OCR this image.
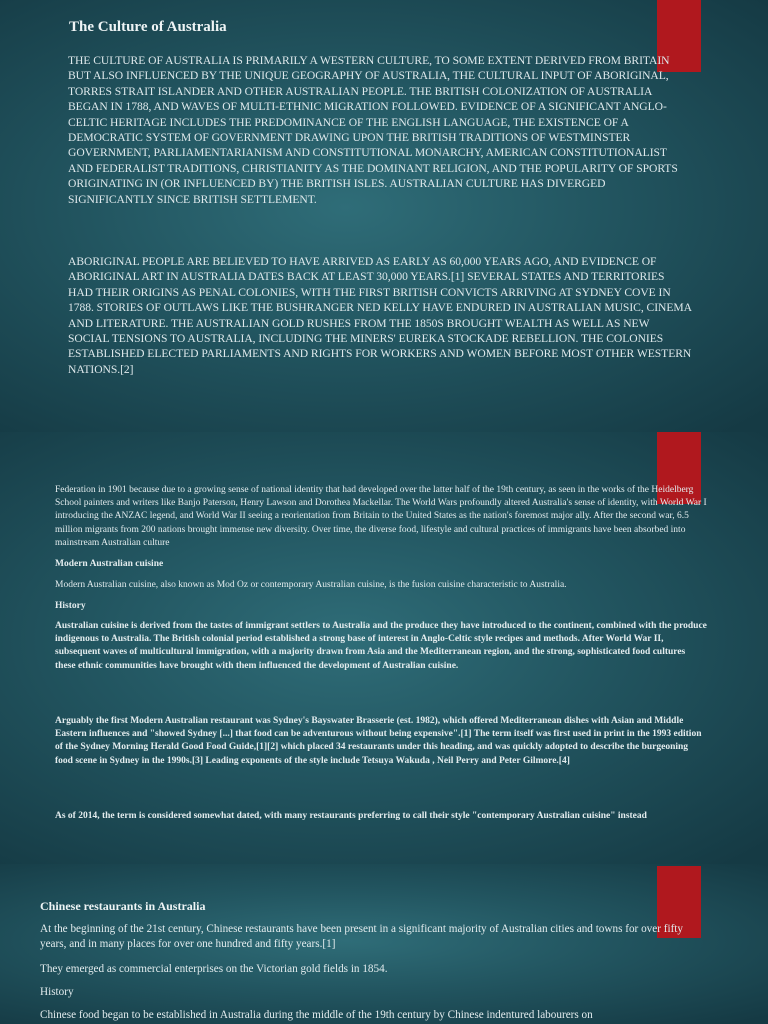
The Culture of Australia

THE CULTURE OF AUSTRALIA IS PRIMARILY A WESTERN CULTURE, TO SOME EXTENT DERIVED FROM BRITAIN BUT ALSO INFLUENCED BY THE UNIQUE GEOGRAPHY OF AUSTRALIA, THE CULTURAL INPUT OF ABORIGINAL, TORRES STRAIT ISLANDER AND OTHER AUSTRALIAN PEOPLE. THE BRITISH COLONIZATION OF AUSTRALIA BEGAN IN 1788, AND WAVES OF MULTI-ETHNIC MIGRATION FOLLOWED. EVIDENCE OF A SIGNIFICANT ANGLO-CELTIC HERITAGE INCLUDES THE PREDOMINANCE OF THE ENGLISH LANGUAGE, THE EXISTENCE OF A DEMOCRATIC SYSTEM OF GOVERNMENT DRAWING UPON THE BRITISH TRADITIONS OF WESTMINSTER GOVERNMENT, PARLIAMENTARIANISM AND CONSTITUTIONAL MONARCHY, AMERICAN CONSTITUTIONALIST AND FEDERALIST TRADITIONS, CHRISTIANITY AS THE DOMINANT RELIGION, AND THE POPULARITY OF SPORTS ORIGINATING IN (OR INFLUENCED BY) THE BRITISH ISLES. AUSTRALIAN CULTURE HAS DIVERGED SIGNIFICANTLY SINCE BRITISH SETTLEMENT.

ABORIGINAL PEOPLE ARE BELIEVED TO HAVE ARRIVED AS EARLY AS 60,000 YEARS AGO, AND EVIDENCE OF ABORIGINAL ART IN AUSTRALIA DATES BACK AT LEAST 30,000 YEARS.[1] SEVERAL STATES AND TERRITORIES HAD THEIR ORIGINS AS PENAL COLONIES, WITH THE FIRST BRITISH CONVICTS ARRIVING AT SYDNEY COVE IN 1788. STORIES OF OUTLAWS LIKE THE BUSHRANGER NED KELLY HAVE ENDURED IN AUSTRALIAN MUSIC, CINEMA AND LITERATURE. THE AUSTRALIAN GOLD RUSHES FROM THE 1850S BROUGHT WEALTH AS WELL AS NEW SOCIAL TENSIONS TO AUSTRALIA, INCLUDING THE MINERS' EUREKA STOCKADE REBELLION. THE COLONIES ESTABLISHED ELECTED PARLIAMENTS AND RIGHTS FOR WORKERS AND WOMEN BEFORE MOST OTHER WESTERN NATIONS.[2]

Federation in 1901 because due to a growing sense of national identity that had developed over the latter half of the 19th century, as seen in the works of the Heidelberg School painters and writers like Banjo Paterson, Henry Lawson and Dorothea Mackellar. The World Wars profoundly altered Australia's sense of identity, with World War I introducing the ANZAC legend, and World War II seeing a reorientation from Britain to the United States as the nation's foremost major ally. After the second war, 6.5 million migrants from 200 nations brought immense new diversity. Over time, the diverse food, lifestyle and cultural practices of immigrants have been absorbed into mainstream Australian culture

Modern Australian cuisine

Modern Australian cuisine, also known as Mod Oz or contemporary Australian cuisine, is the fusion cuisine characteristic to Australia.

History

Australian cuisine is derived from the tastes of immigrant settlers to Australia and the produce they have introduced to the continent, combined with the produce indigenous to Australia. The British colonial period established a strong base of interest in Anglo-Celtic style recipes and methods. After World War II, subsequent waves of multicultural immigration, with a majority drawn from Asia and the Mediterranean region, and the strong, sophisticated food cultures these ethnic communities have brought with them influenced the development of Australian cuisine.

Arguably the first Modern Australian restaurant was Sydney's Bayswater Brasserie (est. 1982), which offered Mediterranean dishes with Asian and Middle Eastern influences and "showed Sydney [...] that food can be adventurous without being expensive".[1] The term itself was first used in print in the 1993 edition of the Sydney Morning Herald Good Food Guide,[1][2] which placed 34 restaurants under this heading, and was quickly adopted to describe the burgeoning food scene in Sydney in the 1990s.[3] Leading exponents of the style include Tetsuya Wakuda , Neil Perry and Peter Gilmore.[4]

As of 2014, the term is considered somewhat dated, with many restaurants preferring to call their style "contemporary Australian cuisine" instead

Chinese restaurants in Australia

At the beginning of the 21st century, Chinese restaurants have been present in a significant majority of Australian cities and towns for over fifty years, and in many places for over one hundred and fifty years.[1]

They emerged as commercial enterprises on the Victorian gold fields in 1854.

History

Chinese food began to be established in Australia during the middle of the 19th century by Chinese indentured labourers on
